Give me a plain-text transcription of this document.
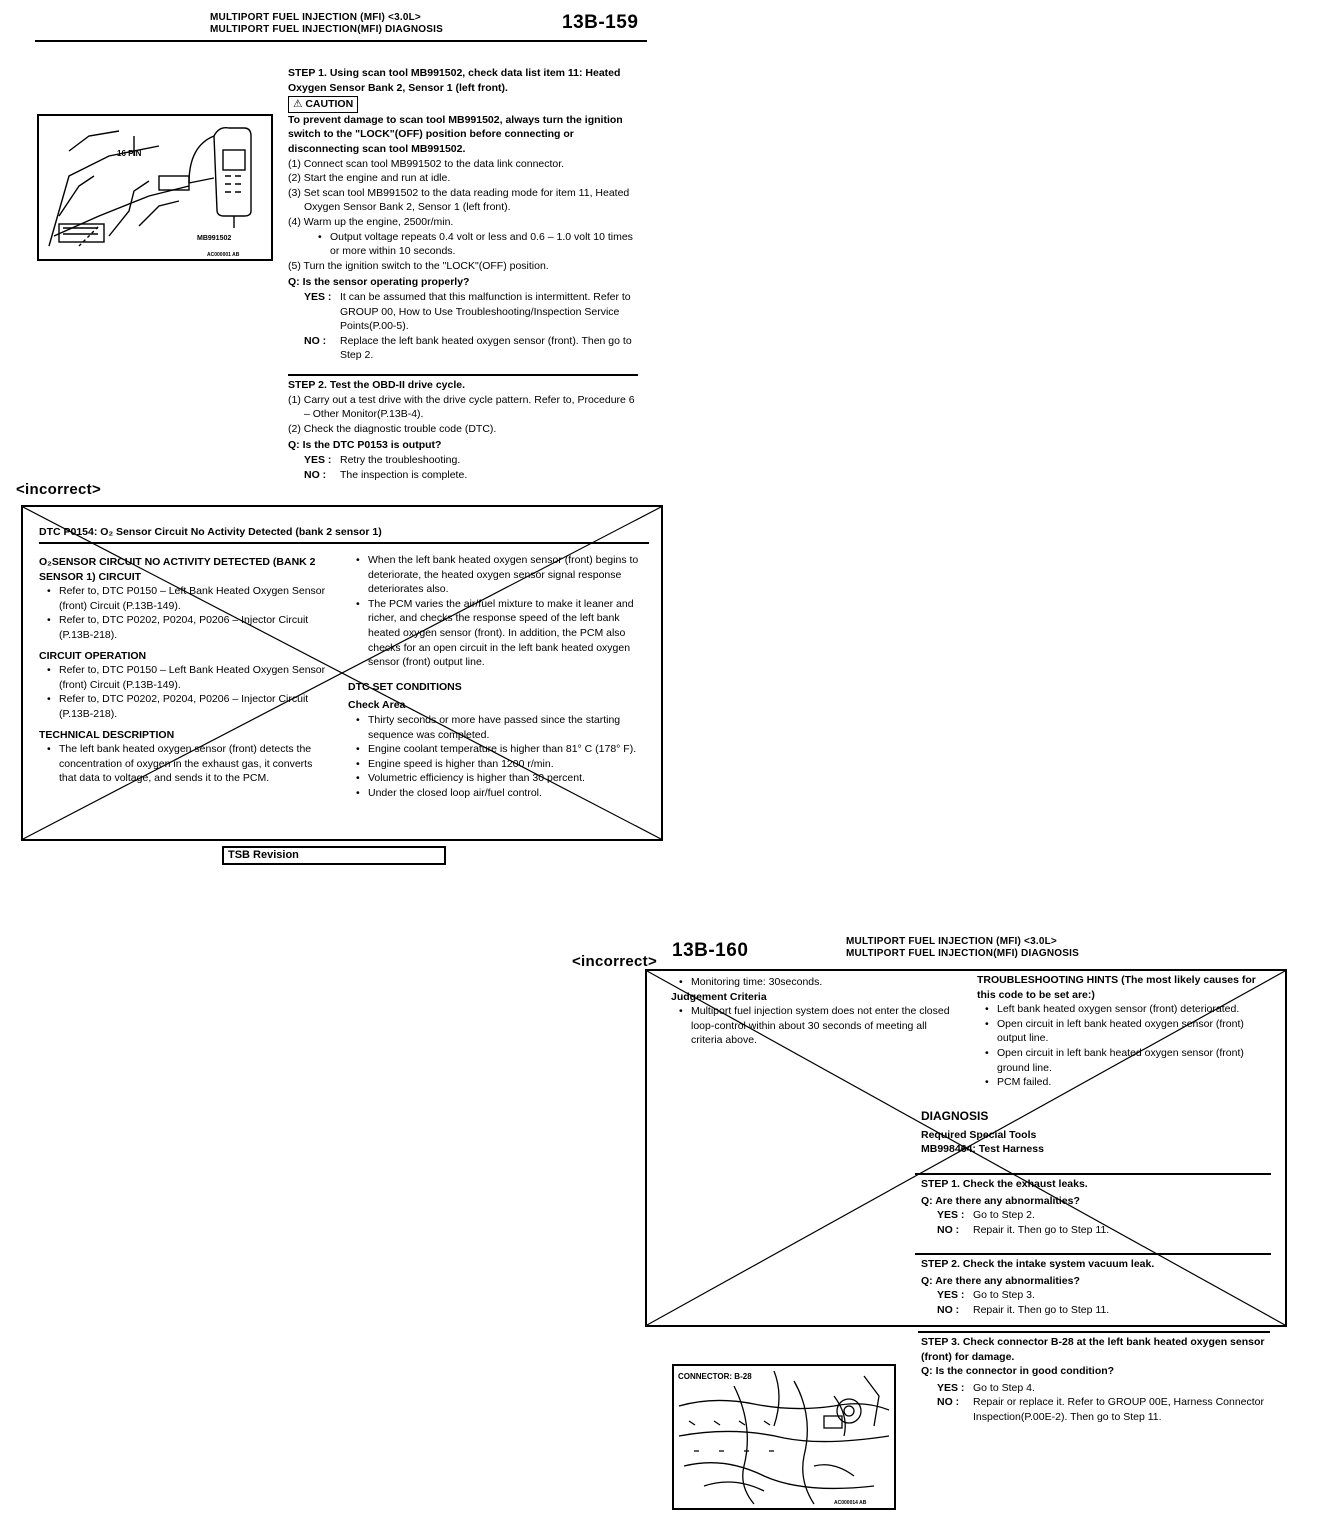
MULTIPORT FUEL INJECTION (MFI) <3.0L>
MULTIPORT FUEL INJECTION(MFI) DIAGNOSIS	13B-159
16 PIN
MB991502
AC000001 AB
STEP 1. Using scan tool MB991502, check data list item 11: Heated Oxygen Sensor Bank 2, Sensor 1 (left front).
⚠ CAUTION
To prevent damage to scan tool MB991502, always turn the ignition switch to the "LOCK"(OFF) position before connecting or disconnecting scan tool MB991502.
(1) Connect scan tool MB991502 to the data link connector.
(2) Start the engine and run at idle.
(3) Set scan tool MB991502 to the data reading mode for item 11, Heated Oxygen Sensor Bank 2, Sensor 1 (left front).
(4) Warm up the engine, 2500r/min.
• Output voltage repeats 0.4 volt or less and 0.6 – 1.0 volt 10 times or more within 10 seconds.
(5) Turn the ignition switch to the "LOCK"(OFF) position.
Q: Is the sensor operating properly?
YES : It can be assumed that this malfunction is intermittent. Refer to GROUP 00, How to Use Troubleshooting/Inspection Service Points(P.00-5).
NO :	Replace the left bank heated oxygen sensor (front). Then go to Step 2.
STEP 2. Test the OBD-II drive cycle.
(1) Carry out a test drive with the drive cycle pattern. Refer to, Procedure 6 – Other Monitor(P.13B-4).
(2) Check the diagnostic trouble code (DTC).
Q: Is the DTC P0153 is output?
YES : Retry the troubleshooting.
NO :	The inspection is complete.
<incorrect>
DTC P0154: O₂ Sensor Circuit No Activity Detected (bank 2 sensor 1)
O₂SENSOR CIRCUIT NO ACTIVITY DETECTED (BANK 2 SENSOR 1) CIRCUIT
• Refer to, DTC P0150 – Left Bank Heated Oxygen Sensor (front) Circuit (P.13B-149).
• Refer to, DTC P0202, P0204, P0206 – Injector Circuit (P.13B-218).
CIRCUIT OPERATION
• Refer to, DTC P0150 – Left Bank Heated Oxygen Sensor (front) Circuit (P.13B-149).
• Refer to, DTC P0202, P0204, P0206 – Injector Circuit (P.13B-218).
TECHNICAL DESCRIPTION
• The left bank heated oxygen sensor (front) detects the concentration of oxygen in the exhaust gas, it converts that data to voltage, and sends it to the PCM.
• When the left bank heated oxygen sensor (front) begins to deteriorate, the heated oxygen sensor signal response deteriorates also.
• The PCM varies the air/fuel mixture to make it leaner and richer, and checks the response speed of the left bank heated oxygen sensor (front). In addition, the PCM also checks for an open circuit in the left bank heated oxygen sensor (front) output line.
DTC SET CONDITIONS
Check Area
• Thirty seconds or more have passed since the starting sequence was completed.
• Engine coolant temperature is higher than 81° C (178° F).
• Engine speed is higher than 1200 r/min.
• Volumetric efficiency is higher than 30 percent.
• Under the closed loop air/fuel control.
TSB Revision
13B-160	MULTIPORT FUEL INJECTION (MFI) <3.0L>
MULTIPORT FUEL INJECTION(MFI) DIAGNOSIS
<incorrect>
• Monitoring time: 30seconds.
Judgement Criteria
• Multiport fuel injection system does not enter the closed loop-control within about 30 seconds of meeting all criteria above.
TROUBLESHOOTING HINTS (The most likely causes for this code to be set are:)
• Left bank heated oxygen sensor (front) deteriorated.
• Open circuit in left bank heated oxygen sensor (front) output line.
• Open circuit in left bank heated oxygen sensor (front) ground line.
• PCM failed.
DIAGNOSIS
Required Special Tools
MB998464: Test Harness
STEP 1. Check the exhaust leaks.
Q: Are there any abnormalities?
YES : Go to Step 2.
NO :	Repair it. Then go to Step 11.
STEP 2. Check the intake system vacuum leak.
Q: Are there any abnormalities?
YES : Go to Step 3.
NO :	Repair it. Then go to Step 11.
STEP 3. Check connector B-28 at the left bank heated oxygen sensor (front) for damage.
Q: Is the connector in good condition?
YES : Go to Step 4.
NO :	Repair or replace it. Refer to GROUP 00E, Harness Connector Inspection(P.00E-2). Then go to Step 11.
CONNECTOR: B-28
AC000014 AB
